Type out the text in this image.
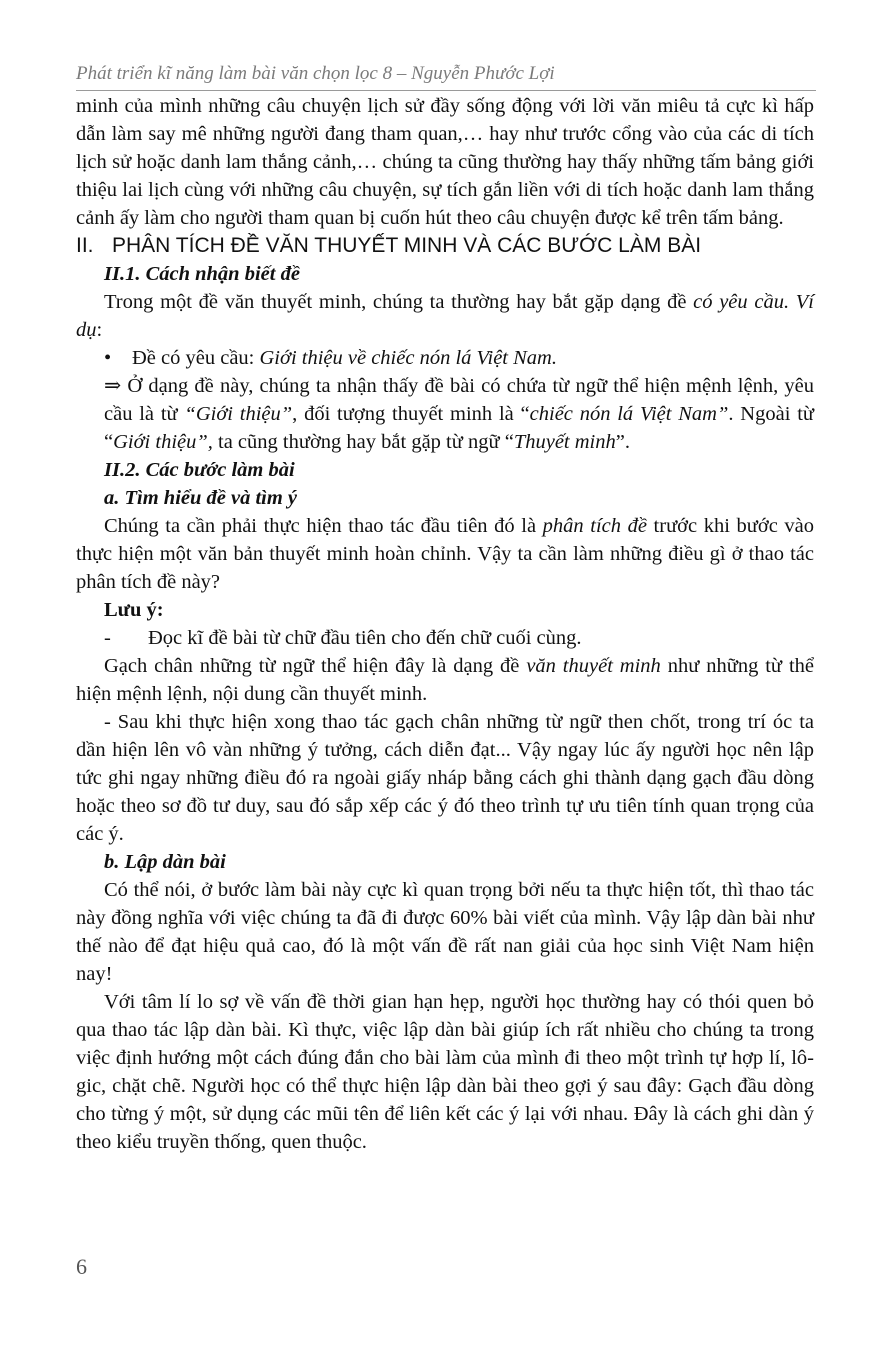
Phát triển kĩ năng làm bài văn chọn lọc 8 – Nguyễn Phước Lợi

minh của mình những câu chuyện lịch sử đầy sống động với lời văn miêu tả cực kì hấp dẫn làm say mê những người đang tham quan,… hay như trước cổng vào của các di tích lịch sử hoặc danh lam thắng cảnh,… chúng ta cũng thường hay thấy những tấm bảng giới thiệu lai lịch cùng với những câu chuyện, sự tích gắn liền với di tích hoặc danh lam thắng cảnh ấy làm cho người tham quan bị cuốn hút theo câu chuyện được kể trên tấm bảng.

II. PHÂN TÍCH ĐỀ VĂN THUYẾT MINH VÀ CÁC BƯỚC LÀM BÀI

II.1. Cách nhận biết đề

Trong một đề văn thuyết minh, chúng ta thường hay bắt gặp dạng đề có yêu cầu. Ví dụ:

•	Đề có yêu cầu: Giới thiệu về chiếc nón lá Việt Nam.

⇒ Ở dạng đề này, chúng ta nhận thấy đề bài có chứa từ ngữ thể hiện mệnh lệnh, yêu cầu là từ “Giới thiệu”, đối tượng thuyết minh là “chiếc nón lá Việt Nam”. Ngoài từ “Giới thiệu”, ta cũng thường hay bắt gặp từ ngữ “Thuyết minh”.

II.2. Các bước làm bài

a. Tìm hiểu đề và tìm ý

Chúng ta cần phải thực hiện thao tác đầu tiên đó là phân tích đề trước khi bước vào thực hiện một văn bản thuyết minh hoàn chỉnh. Vậy ta cần làm những điều gì ở thao tác phân tích đề này?

Lưu ý:

-	Đọc kĩ đề bài từ chữ đầu tiên cho đến chữ cuối cùng.

Gạch chân những từ ngữ thể hiện đây là dạng đề văn thuyết minh như những từ thể hiện mệnh lệnh, nội dung cần thuyết minh.

- Sau khi thực hiện xong thao tác gạch chân những từ ngữ then chốt, trong trí óc ta dần hiện lên vô vàn những ý tưởng, cách diễn đạt... Vậy ngay lúc ấy người học nên lập tức ghi ngay những điều đó ra ngoài giấy nháp bằng cách ghi thành dạng gạch đầu dòng hoặc theo sơ đồ tư duy, sau đó sắp xếp các ý đó theo trình tự ưu tiên tính quan trọng của các ý.

b. Lập dàn bài

Có thể nói, ở bước làm bài này cực kì quan trọng bởi nếu ta thực hiện tốt, thì thao tác này đồng nghĩa với việc chúng ta đã đi được 60% bài viết của mình. Vậy lập dàn bài như thế nào để đạt hiệu quả cao, đó là một vấn đề rất nan giải của học sinh Việt Nam hiện nay!

Với tâm lí lo sợ về vấn đề thời gian hạn hẹp, người học thường hay có thói quen bỏ qua thao tác lập dàn bài. Kì thực, việc lập dàn bài giúp ích rất nhiều cho chúng ta trong việc định hướng một cách đúng đắn cho bài làm của mình đi theo một trình tự hợp lí, lô-gic, chặt chẽ. Người học có thể thực hiện lập dàn bài theo gợi ý sau đây: Gạch đầu dòng cho từng ý một, sử dụng các mũi tên để liên kết các ý lại với nhau. Đây là cách ghi dàn ý theo kiểu truyền thống, quen thuộc.

6
